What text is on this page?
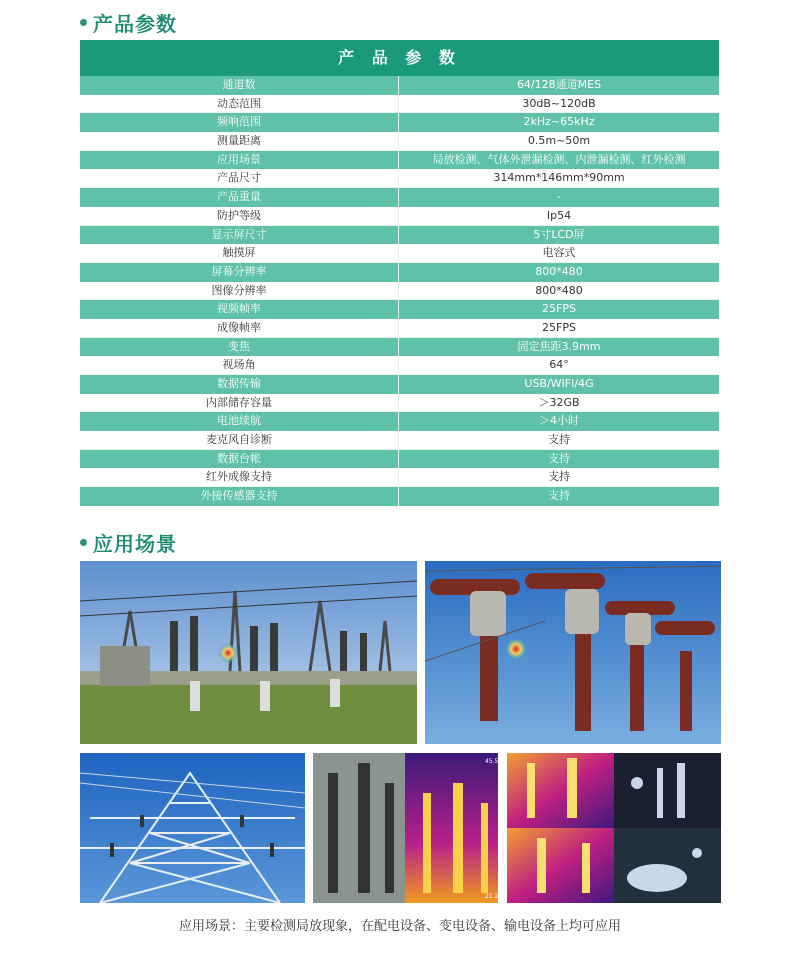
产品参数
产 品 参 数
通道数	64/128通道MES
动态范围	30dB~120dB
频响范围	2kHz~65kHz
测量距离	0.5m~50m
应用场景	局放检测、气体外泄漏检测、内泄漏检测、红外检测
产品尺寸	314mm*146mm*90mm
产品重量	-
防护等级	Ip54
显示屏尺寸	5寸LCD屏
触摸屏	电容式
屏幕分辨率	800*480
图像分辨率	800*480
视频帧率	25FPS
成像帧率	25FPS
变焦	固定焦距3.9mm
视场角	64°
数据传输	USB/WIFI/4G
内部储存容量	＞32GB
电池续航	＞4小时
麦克风自诊断	支持
数据台帐	支持
红外成像支持	支持
外接传感器支持	支持
应用场景
45.5
21.2
应用场景：主要检测局放现象，在配电设备、变电设备、输电设备上均可应用
